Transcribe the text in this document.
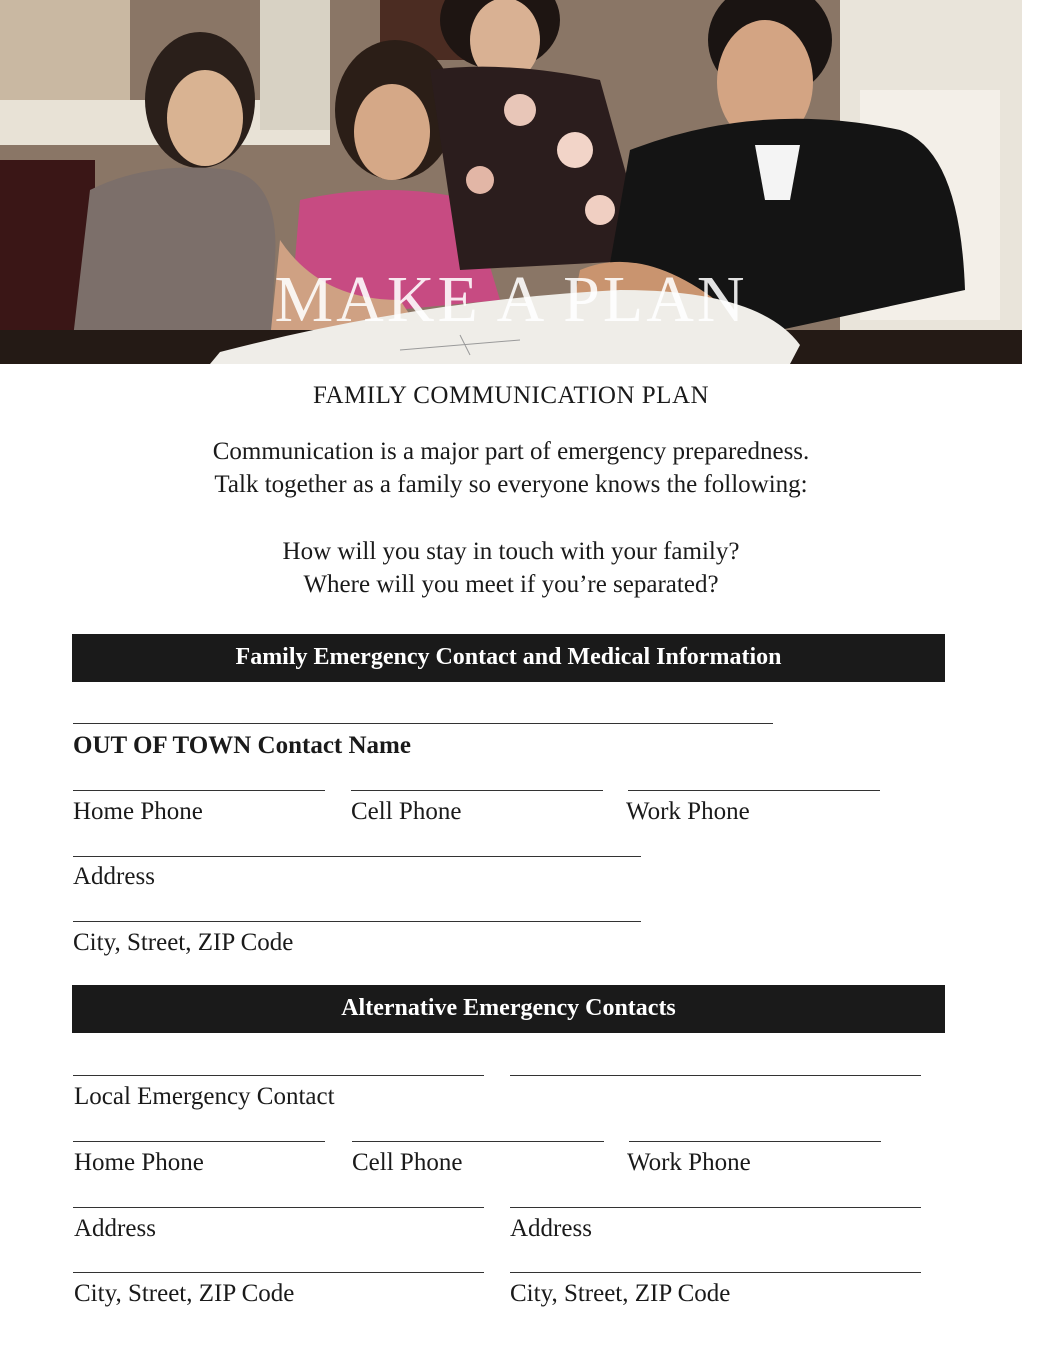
MAKE A PLAN
FAMILY COMMUNICATION PLAN
Communication is a major part of emergency preparedness.
Talk together as a family so everyone knows the following:
How will you stay in touch with your family?
Where will you meet if you’re separated?
Family Emergency Contact and Medical Information
OUT OF TOWN Contact Name
Home Phone	Cell Phone	Work Phone
Address
City, Street, ZIP Code
Alternative Emergency Contacts
Local Emergency Contact
Home Phone	Cell Phone	Work Phone
Address	Address
City, Street, ZIP Code	City, Street, ZIP Code
